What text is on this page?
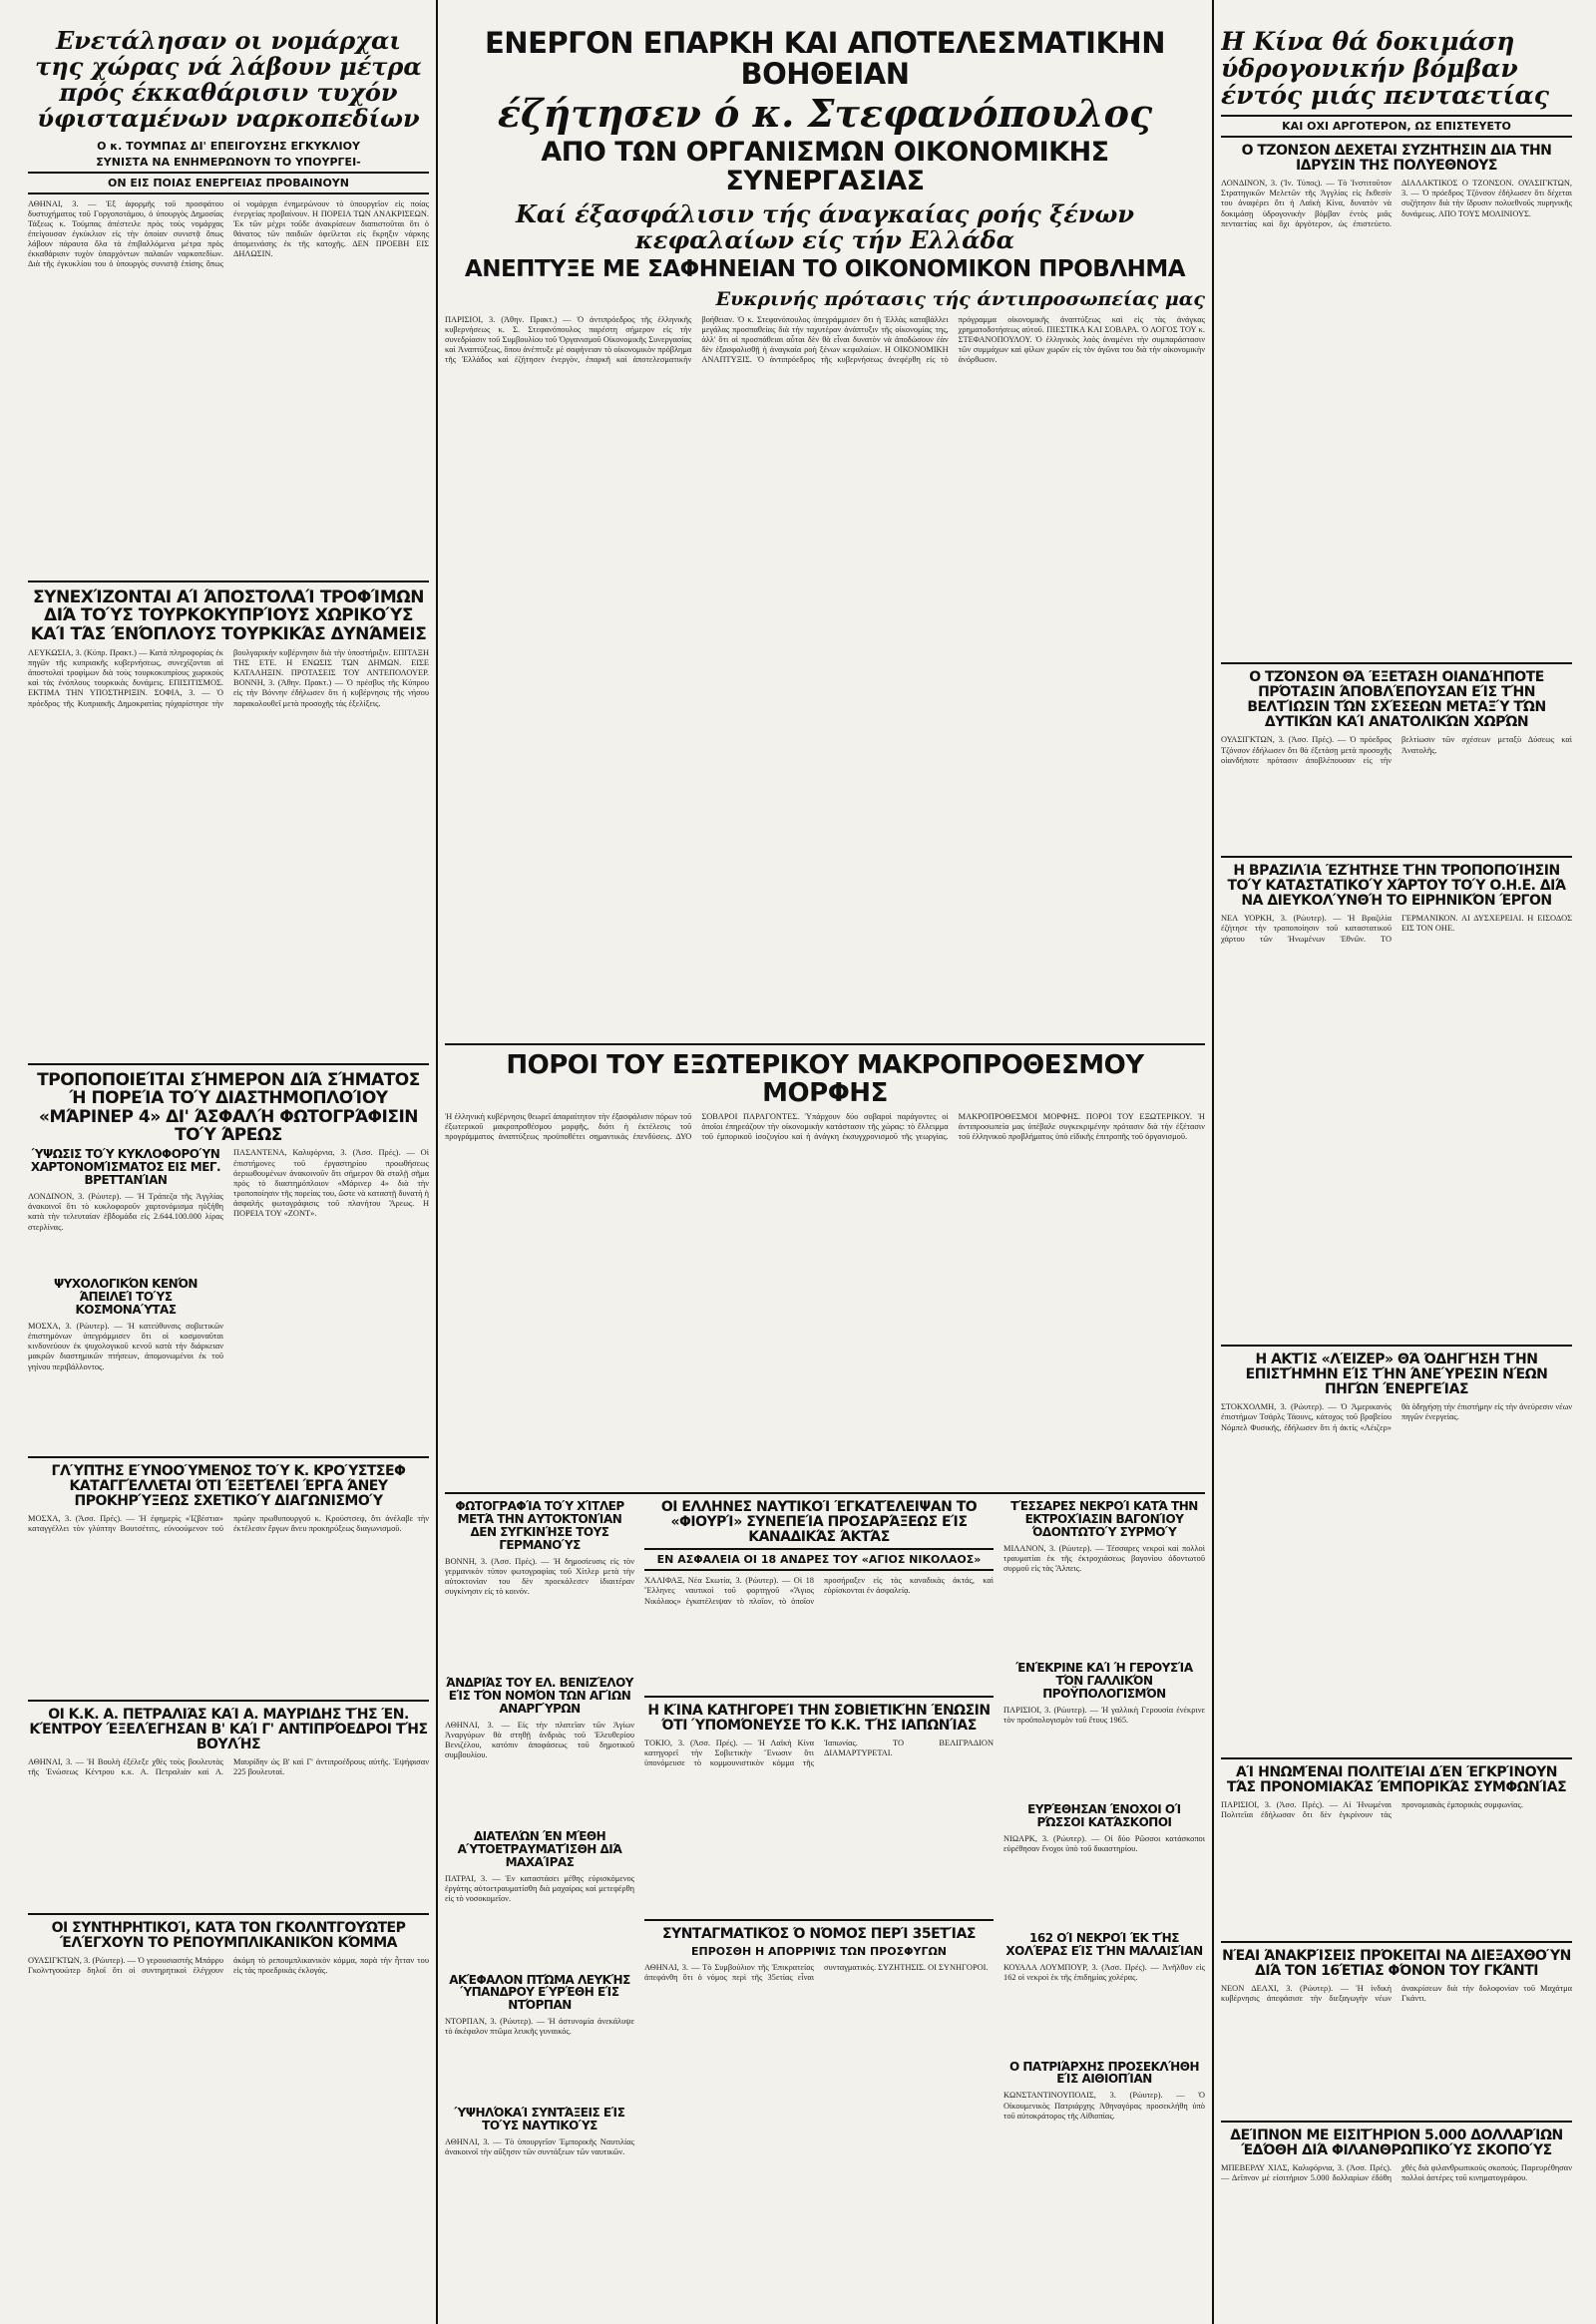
Ενετάλησαν οι νομάρχαι της χώρας νά λάβουν μέτρα πρός έκκαθάρισιν τυχόν ύφισταμένων ναρκοπεδίων
Ο κ. ΤΟΥΜΠΑΣ ΔΙ' ΕΠΕΙΓΟΥΣΗΣ ΕΓΚΥΚΛΙΟΥ
ΣΥΝΙΣΤΑ ΝΑ ΕΝΗΜΕΡΩΝΟΥΝ ΤΟ ΥΠΟΥΡΓΕΙ-
ΟΝ ΕΙΣ ΠΟΙΑΣ ΕΝΕΡΓΕΙΑΣ ΠΡΟΒΑΙΝΟΥΝ
ΑΘΗΝΑΙ, 3. — Ἐξ ἀφορμῆς τοῦ προσφάτου δυστυχήματος τοῦ Γοργοποτάμου, ὁ ὑπουργὸς Δημοσίας Τάξεως κ. Τούμπας ἀπέστειλε πρὸς τοὺς νομάρχας ἐπείγουσαν ἐγκύκλιον εἰς τὴν ὁποίαν συνιστᾷ ὅπως λάβουν πάραυτα ὅλα τὰ ἐπιβαλλόμενα μέτρα πρὸς ἐκκαθάρισιν τυχὸν ὑπαρχόντων παλαιῶν ναρκοπεδίων. Διὰ τῆς ἐγκυκλίου του ὁ ὑπουργὸς συνιστᾷ ἐπίσης ὅπως οἱ νομάρχαι ἐνημερώνουν τὸ ὑπουργεῖον εἰς ποίας ἐνεργείας προβαίνουν. Η ΠΟΡΕΙΑ ΤΩΝ ΑΝΑΚΡΙΣΕΩΝ. Ἐκ τῶν μέχρι τοῦδε ἀνακρίσεων διαπιστοῦται ὅτι ὁ θάνατος τῶν παιδιῶν ὀφείλεται εἰς ἔκρηξιν νάρκης ἀπομεινάσης ἐκ τῆς κατοχῆς. ΔΕΝ ΠΡΟΕΒΗ ΕΙΣ ΔΗΛΩΣΙΝ.
ΣΥΝΕΧΊΖΟΝΤΑΙ ΑΊ ΆΠΟΣΤΟΛΑΊ ΤΡΟΦΊΜΩΝ ΔΙΆ ΤΟΎΣ ΤΟΥΡΚΟΚΥΠΡΊΟΥΣ ΧΩΡΙΚΟΎΣ ΚΑΊ ΤΆΣ ΈΝΌΠΛΟΥΣ ΤΟΥΡΚΙΚΆΣ ΔΥΝΆΜΕΙΣ
ΛΕΥΚΩΣΙΑ, 3. (Κύπρ. Πρακτ.) — Κατὰ πληροφορίας ἐκ πηγῶν τῆς κυπριακῆς κυβερνήσεως, συνεχίζονται αἱ ἀποστολαὶ τροφίμων διὰ τοὺς τουρκοκυπρίους χωρικοὺς καὶ τὰς ἐνόπλους τουρκικὰς δυνάμεις. ΕΠΙΣΙΤΙΣΜΟΣ. ΕΚΤΙΜΑ ΤΗΝ ΥΠΟΣΤΗΡΙΞΙΝ. ΣΟΦΙΑ, 3. — Ὁ πρόεδρος τῆς Κυπριακῆς Δημοκρατίας ηὐχαρίστησε τὴν βουλγαρικὴν κυβέρνησιν διὰ τὴν ὑποστήριξιν. ΕΠΙΤΑΞΗ ΤΗΣ ΕΤΕ. Η ΕΝΩΣΙΣ ΤΩΝ ΔΗΜΩΝ. ΕΙΣΕ ΚΑΤΑΛΗΞΙΝ. ΠΡΟΤΑΣΕΙΣ ΤΟΥ ΑΝΤΕΠΟΛΟΥΕΡ. ΒΟΝΝΗ, 3. (Ἀθην. Πρακτ.) — Ὁ πρέσβυς τῆς Κύπρου εἰς τὴν Βόννην ἐδήλωσεν ὅτι ἡ κυβέρνησις τῆς νήσου παρακολουθεῖ μετὰ προσοχῆς τὰς ἐξελίξεις.
ΤΡΟΠΟΠΟΙΕΊΤΑΙ ΣΉΜΕΡΟΝ ΔΙΆ ΣΉΜΑΤΟΣ Ή ΠΟΡΕΊΑ ΤΟΎ ΔΙΑΣΤΗΜΟΠΛΟΊΟΥ «ΜΆΡΙΝΕΡ 4» ΔΙ' ΆΣΦΑΛΉ ΦΩΤΟΓΡΆΦΙΣΙΝ ΤΟΎ ΆΡΕΩΣ
ΎΨΩΣΙΣ ΤΟΎ ΚΥΚΛΟΦΟΡΟΎΝ ΧΑΡΤΟΝΟΜΊΣΜΑΤΟΣ ΕΙΣ ΜΕΓ. ΒΡΕΤΤΑΝΊΑΝ
ΛΟΝΔΙΝΟΝ, 3. (Ρώυτερ). — Ἡ Τράπεζα τῆς Ἀγγλίας ἀνακοινοῖ ὅτι τὸ κυκλοφοροῦν χαρτονόμισμα ηὐξήθη κατὰ τὴν τελευταίαν ἑβδομάδα εἰς 2.644.100.000 λίρας στερλίνας.
ΨΥΧΟΛΟΓΙΚΌΝ ΚΕΝΌΝ ΆΠΕΙΛΕΊ ΤΟΎΣ ΚΟΣΜΟΝΑΎΤΑΣ
ΜΟΣΧΑ, 3. (Ρώυτερ). — Ἡ κατεύθυνσις σοβιετικῶν ἐπιστημόνων ὑπεγράμμισεν ὅτι οἱ κοσμοναῦται κινδυνεύουν ἐκ ψυχολογικοῦ κενοῦ κατὰ τὴν διάρκειαν μακρῶν διαστημικῶν πτήσεων, ἀπομονωμένοι ἐκ τοῦ γηίνου περιβάλλοντος.
ΠΑΣΑΝΤΕΝΑ, Καλιφόρνια, 3. (Ἀσσ. Πρές). — Οἱ ἐπιστήμονες τοῦ ἐργαστηρίου προωθήσεως ἀεριωθουμένων ἀνακοινοῦν ὅτι σήμερον θὰ σταλῇ σῆμα πρὸς τὸ διαστημόπλοιον «Μάρινερ 4» διὰ τὴν τροποποίησιν τῆς πορείας του, ὥστε νὰ καταστῇ δυνατὴ ἡ ἀσφαλὴς φωτογράφισις τοῦ πλανήτου Ἄρεως. Η ΠΟΡΕΙΑ ΤΟΥ «ΖΟΝΤ».
ΓΛΎΠΤΗΣ ΕΎΝΟΟΎΜΕΝΟΣ ΤΟΎ Κ. ΚΡΟΎΣΤΣΕΦ ΚΑΤΑΓΓΈΛΛΕΤΑΙ ΌΤΙ ΈΞΕΤΈΛΕΙ ΈΡΓΑ ΆΝΕΥ ΠΡΟΚΗΡΎΞΕΩΣ ΣΧΕΤΙΚΟΎ ΔΙΑΓΩΝΙΣΜΟΎ
ΜΟΣΧΑ, 3. (Ἀσσ. Πρές). — Ἡ ἐφημερὶς «Ἰζβέστια» καταγγέλλει τὸν γλύπτην Βουτσέτιτς, εὐνοούμενον τοῦ πρώην πρωθυπουργοῦ κ. Κρούστσεφ, ὅτι ἀνέλαβε τὴν ἐκτέλεσιν ἔργων ἄνευ προκηρύξεως διαγωνισμοῦ.
ΟΙ Κ.Κ. Α. ΠΕΤΡΑΛΙΆΣ ΚΑΊ Α. ΜΑΥΡΙΔΗΣ ΤΉΣ ΈΝ. ΚΈΝΤΡΟΥ ΈΞΕΛΈΓΗΣΑΝ Β' ΚΑΊ Γ' ΑΝΤΙΠΡΌΕΔΡΟΙ ΤΉΣ ΒΟΥΛΉΣ
ΑΘΗΝΑΙ, 3. — Ἡ Βουλὴ ἐξέλεξε χθὲς τοὺς βουλευτὰς τῆς Ἑνώσεως Κέντρου κ.κ. Α. Πετραλιὰν καὶ Α. Μαυρίδην ὡς Β' καὶ Γ' ἀντιπροέδρους αὐτῆς. Ἐψήφισαν 225 βουλευταί.
ΟΙ ΣΥΝΤΗΡΗΤΙΚΟΊ, ΚΑΤΆ ΤΟΝ ΓΚΟΛΝΤΓΟΥΏΤΕΡ ΈΛΈΓΧΟΥΝ ΤΟ ΡΕΠΟΥΜΠΛΙΚΑΝΙΚΌΝ ΚΌΜΜΑ
ΟΥΑΣΙΓΚΤΩΝ, 3. (Ρώυτερ). — Ὁ γερουσιαστὴς Μπάρρυ Γκολντγουώτερ δηλοῖ ὅτι οἱ συντηρητικοὶ ἐλέγχουν ἀκόμη τὸ ρεπουμπλικανικὸν κόμμα, παρὰ τὴν ἧτταν του εἰς τὰς προεδρικὰς ἐκλογάς.
ΕΝΕΡΓΟΝ ΕΠΑΡΚΗ ΚΑΙ ΑΠΟΤΕΛΕΣΜΑΤΙΚΗΝ ΒΟΗΘΕΙΑΝ
έζήτησεν ό κ. Στεφανόπουλος
ΑΠΟ ΤΩΝ ΟΡΓΑΝΙΣΜΩΝ ΟΙΚΟΝΟΜΙΚΗΣ ΣΥΝΕΡΓΑΣΙΑΣ
Καί έξασφάλισιν τής άναγκαίας ροής ξένων κεφαλαίων είς τήν Ελλάδα
ΑΝΕΠΤΥΞΕ ΜΕ ΣΑΦΗΝΕΙΑΝ ΤΟ ΟΙΚΟΝΟΜΙΚΟΝ ΠΡΟΒΛΗΜΑ
Ευκρινής πρότασις τής άντιπροσωπείας μας
ΠΑΡΙΣΙΟΙ, 3. (Ἀθην. Πρακτ.) — Ὁ ἀντιπρόεδρος τῆς ἑλληνικῆς κυβερνήσεως κ. Σ. Στεφανόπουλος παρέστη σήμερον εἰς τὴν συνεδρίασιν τοῦ Συμβουλίου τοῦ Ὀργανισμοῦ Οἰκονομικῆς Συνεργασίας καὶ Ἀναπτύξεως, ὅπου ἀνέπτυξε μὲ σαφήνειαν τὸ οἰκονομικὸν πρόβλημα τῆς Ἑλλάδος καὶ ἐζήτησεν ἐνεργὸν, ἐπαρκῆ καὶ ἀποτελεσματικὴν βοήθειαν. Ὁ κ. Στεφανόπουλος ὑπεγράμμισεν ὅτι ἡ Ἑλλὰς καταβάλλει μεγάλας προσπαθείας διὰ τὴν ταχυτέραν ἀνάπτυξιν τῆς οἰκονομίας της, ἀλλ' ὅτι αἱ προσπάθειαι αὗται δὲν θὰ εἶναι δυνατὸν νὰ ἀποδώσουν ἐὰν δὲν ἐξασφαλισθῇ ἡ ἀναγκαία ροὴ ξένων κεφαλαίων. Η ΟΙΚΟΝΟΜΙΚΗ ΑΝΑΠΤΥΞΙΣ. Ὁ ἀντιπρόεδρος τῆς κυβερνήσεως ἀνεφέρθη εἰς τὸ πρόγραμμα οἰκονομικῆς ἀναπτύξεως καὶ εἰς τὰς ἀνάγκας χρηματοδοτήσεως αὐτοῦ. ΠΙΕΣΤΙΚΑ ΚΑΙ ΣΟΒΑΡΑ. Ὁ ΛΟΓΟΣ ΤΟΥ κ. ΣΤΕΦΑΝΟΠΟΥΛΟΥ. Ὁ ἑλληνικὸς λαὸς ἀναμένει τὴν συμπαράστασιν τῶν συμμάχων καὶ φίλων χωρῶν εἰς τὸν ἀγῶνα του διὰ τὴν οἰκονομικὴν ἀνόρθωσιν.
ΠΟΡΟΙ ΤΟΥ ΕΞΩΤΕΡΙΚΟΥ ΜΑΚΡΟΠΡΟΘΕΣΜΟΥ ΜΟΡΦΗΣ
Ἡ ἑλληνικὴ κυβέρνησις θεωρεῖ ἀπαραίτητον τὴν ἐξασφάλισιν πόρων τοῦ ἐξωτερικοῦ μακροπροθέσμου μορφῆς, διότι ἡ ἐκτέλεσις τοῦ προγράμματος ἀναπτύξεως προϋποθέτει σημαντικὰς ἐπενδύσεις. ΔΥΟ ΣΟΒΑΡΟΙ ΠΑΡΑΓΟΝΤΕΣ. Ὑπάρχουν δύο σοβαροὶ παράγοντες οἱ ὁποῖοι ἐπηρεάζουν τὴν οἰκονομικὴν κατάστασιν τῆς χώρας: τὸ ἔλλειμμα τοῦ ἐμπορικοῦ ἰσοζυγίου καὶ ἡ ἀνάγκη ἐκσυγχρονισμοῦ τῆς γεωργίας. ΜΑΚΡΟΠΡΟΘΕΣΜΟΙ ΜΟΡΦΗΣ. ΠΟΡΟΙ ΤΟΥ ΕΞΩΤΕΡΙΚΟΥ. Ἡ ἀντιπροσωπεία μας ὑπέβαλε συγκεκριμένην πρότασιν διὰ τὴν ἐξέτασιν τοῦ ἑλληνικοῦ προβλήματος ὑπὸ εἰδικῆς ἐπιτροπῆς τοῦ ὀργανισμοῦ.
ΦΩΤΟΓΡΑΦΊΑ ΤΟΎ ΧΊΤΛΕΡ ΜΕΤΆ ΤΗΝ ΑΥΤΟΚΤΟΝΊΑΝ ΔΕΝ ΣΥΓΚΙΝΉΣΕ ΤΟΥΣ ΓΕΡΜΑΝΟΎΣ
ΒΟΝΝΗ, 3. (Ἀσσ. Πρές). — Ἡ δημοσίευσις εἰς τὸν γερμανικὸν τύπον φωτογραφίας τοῦ Χίτλερ μετὰ τὴν αὐτοκτονίαν του δὲν προεκάλεσεν ἰδιαιτέραν συγκίνησιν εἰς τὸ κοινόν.
ΆΝΔΡΙΆΣ ΤΟΥ ΕΛ. ΒΕΝΙΖΈΛΟΥ ΕΊΣ ΤΌΝ ΝΟΜΌΝ ΤΩΝ ΑΓΊΩΝ ΑΝΑΡΓΎΡΩΝ
ΑΘΗΝΑΙ, 3. — Εἰς τὴν πλατεῖαν τῶν Ἁγίων Ἀναργύρων θὰ στηθῇ ἀνδριὰς τοῦ Ἐλευθερίου Βενιζέλου, κατόπιν ἀποφάσεως τοῦ δημοτικοῦ συμβουλίου.
ΔΙΑΤΕΛΏΝ ΈΝ ΜΈΘΗ ΑΎΤΟΕΤΡΑΥΜΑΤΊΣΘΗ ΔΙΆ ΜΑΧΑΊΡΑΣ
ΠΑΤΡΑΙ, 3. — Ἐν καταστάσει μέθης εὑρισκόμενος ἐργάτης αὐτοετραυματίσθη διὰ μαχαίρας καὶ μετεφέρθη εἰς τὸ νοσοκομεῖον.
ΑΚΈΦΑΛΟΝ ΠΤΏΜΑ ΛΕΥΚΉΣ ΎΠΑΝΔΡΟΥ ΕΎΡΈΘΗ ΕΊΣ ΝΤΌΡΠΑΝ
ΝΤΟΡΠΑΝ, 3. (Ρώυτερ). — Ἡ ἀστυνομία ἀνεκάλυψε τὸ ἀκέφαλον πτῶμα λευκῆς γυναικός.
ΎΨΗΛΌΚΑΊ ΣΥΝΤΆΞΕΙΣ ΕΊΣ ΤΟΎΣ ΝΑΥΤΙΚΟΎΣ
ΑΘΗΝΑΙ, 3. — Τὸ ὑπουργεῖον Ἐμπορικῆς Ναυτιλίας ἀνακοινοῖ τὴν αὔξησιν τῶν συντάξεων τῶν ναυτικῶν.
ΟΙ ΕΛΛΗΝΕΣ ΝΑΥΤΙΚΟΊ ΈΓΚΑΤΈΛΕΙΨΑΝ ΤΟ «ΦΙΟΥΡΊ» ΣΥΝΕΠΕΊΑ ΠΡΟΣΑΡΆΞΕΩΣ ΕΊΣ ΚΑΝΑΔΙΚΆΣ ΆΚΤΆΣ
ΕΝ ΑΣΦΑΛΕΙΑ ΟΙ 18 ΑΝΔΡΕΣ ΤΟΥ «ΑΓΙΟΣ ΝΙΚΟΛΑΟΣ»
ΧΑΛΙΦΑΞ, Νέα Σκωτία, 3. (Ρώυτερ). — Οἱ 18 Ἕλληνες ναυτικοὶ τοῦ φορτηγοῦ «Ἅγιος Νικόλαος» ἐγκατέλειψαν τὸ πλοῖον, τὸ ὁποῖον προσήραξεν εἰς τὰς καναδικὰς ἀκτάς, καὶ εὑρίσκονται ἐν ἀσφαλείᾳ.
Η ΚΊΝΑ ΚΑΤΗΓΟΡΕΊ ΤΗΝ ΣΟΒΙΕΤΙΚΉΝ ΈΝΩΣΙΝ ΌΤΙ ΎΠΟΜΌΝΕΥΣΕ ΤΌ Κ.Κ. ΤΉΣ ΙΑΠΩΝΊΑΣ
ΤΟΚΙΟ, 3. (Ἀσσ. Πρές). — Ἡ Λαϊκὴ Κίνα κατηγορεῖ τὴν Σοβιετικὴν Ἕνωσιν ὅτι ὑπονόμευσε τὸ κομμουνιστικὸν κόμμα τῆς Ἰαπωνίας. ΤΟ ΒΕΛΙΓΡΑΔΙΟΝ ΔΙΑΜΑΡΤΥΡΕΤΑΙ.
ΣΥΝΤΑΓΜΑΤΙΚΌΣ Ό ΝΌΜΟΣ ΠΕΡΊ 35ΕΤΊΑΣ
ΕΠΡΟΣΘΗ Η ΑΠΟΡΡΙΨΙΣ ΤΩΝ ΠΡΟΣΦΥΓΩΝ
ΑΘΗΝΑΙ, 3. — Τὸ Συμβούλιον τῆς Ἐπικρατείας ἀπεφάνθη ὅτι ὁ νόμος περὶ τῆς 35ετίας εἶναι συνταγματικός. ΣΥΖΗΤΗΣΙΣ. ΟΙ ΣΥΝΗΓΟΡΟΙ.
ΤΈΣΣΑΡΕΣ ΝΕΚΡΟΊ ΚΑΤΆ ΤΗΝ ΕΚΤΡΟΧΊΑΣΙΝ ΒΑΓΟΝΊΟΥ ΌΔΟΝΤΩΤΟΎ ΣΥΡΜΟΎ
ΜΙΛΑΝΟΝ, 3. (Ρώυτερ). — Τέσσαρες νεκροὶ καὶ πολλοὶ τραυματίαι ἐκ τῆς ἐκτροχιάσεως βαγονίου ὀδοντωτοῦ συρμοῦ εἰς τὰς Ἄλπεις.
ΈΝΈΚΡΙΝΕ ΚΑΊ Ή ΓΕΡΟΥΣΊΑ ΤΌΝ ΓΑΛΛΙΚΌΝ ΠΡΟΫΠΟΛΟΓΙΣΜΌΝ
ΠΑΡΙΣΙΟΙ, 3. (Ρώυτερ). — Ἡ γαλλικὴ Γερουσία ἐνέκρινε τὸν προϋπολογισμὸν τοῦ ἔτους 1965.
ΕΥΡΈΘΗΣΑΝ ΈΝΟΧΟΙ ΟΊ ΡΏΣΣΟΙ ΚΑΤΆΣΚΟΠΟΙ
ΝΙΩΑΡΚ, 3. (Ρώυτερ). — Οἱ δύο Ρῶσσοι κατάσκοποι εὑρέθησαν ἔνοχοι ὑπὸ τοῦ δικαστηρίου.
162 ΟΊ ΝΕΚΡΟΊ ΈΚ ΤΉΣ ΧΟΛΈΡΑΣ ΕΊΣ ΤΉΝ ΜΑΛΑΙΣΊΑΝ
ΚΟΥΑΛΑ ΛΟΥΜΠΟΥΡ, 3. (Ἀσσ. Πρές). — Ἀνῆλθον εἰς 162 οἱ νεκροὶ ἐκ τῆς ἐπιδημίας χολέρας.
Ο ΠΑΤΡΙΆΡΧΗΣ ΠΡΟΣΕΚΛΉΘΗ ΕΊΣ ΑΙΘΙΟΠΊΑΝ
ΚΩΝΣΤΑΝΤΙΝΟΥΠΟΛΙΣ, 3. (Ρώυτερ). — Ὁ Οἰκουμενικὸς Πατριάρχης Ἀθηναγόρας προσεκλήθη ὑπὸ τοῦ αὐτοκράτορος τῆς Αἰθιοπίας.
Η Κίνα θά δοκιμάση ύδρογονικήν βόμβαν έντός μιάς πενταετίας
ΚΑΙ ΟΧΙ ΑΡΓΟΤΕΡΟΝ, ΩΣ ΕΠΙΣΤΕΥΕΤΟ
Ο ΤΖΟΝΣΟΝ ΔΕΧΕΤΑΙ ΣΥΖΗΤΗΣΙΝ ΔΙΑ ΤΗΝ ΙΔΡΥΣΙΝ ΤΗΣ ΠΟΛΥΕΘΝΟΥΣ
ΛΟΝΔΙΝΟΝ, 3. (Ἰν. Τύπος). — Τὸ Ἰνστιτοῦτον Στρατηγικῶν Μελετῶν τῆς Ἀγγλίας εἰς ἔκθεσίν του ἀναφέρει ὅτι ἡ Λαϊκὴ Κίνα, δυνατὸν νὰ δοκιμάσῃ ὑδρογονικὴν βόμβαν ἐντὸς μιᾶς πενταετίας καὶ ὄχι ἀργότερον, ὡς ἐπιστεύετο. ΔΙΑΛΑΚΤΙΚΟΣ Ο ΤΖΟΝΣΟΝ. ΟΥΑΣΙΓΚΤΩΝ, 3. — Ὁ πρόεδρος Τζόνσον ἐδήλωσεν ὅτι δέχεται συζήτησιν διὰ τὴν ἵδρυσιν πολυεθνοῦς πυρηνικῆς δυνάμεως. ΑΠΟ ΤΟΥΣ ΜΟΛΙΝΙΟΥΣ.
Ο ΤΖΌΝΣΟΝ ΘΆ ΈΞΕΤΆΣΗ ΟΙΑΝΔΉΠΟΤΕ ΠΡΌΤΑΣΙΝ ΆΠΟΒΛΈΠΟΥΣΑΝ ΕΊΣ ΤΉΝ ΒΕΛΤΊΩΣΙΝ ΤΏΝ ΣΧΈΣΕΩΝ ΜΕΤΑΞΎ ΤΏΝ ΔΥΤΙΚΏΝ ΚΑΊ ΑΝΑΤΟΛΙΚΏΝ ΧΩΡΏΝ
ΟΥΑΣΙΓΚΤΩΝ, 3. (Ἀσσ. Πρές). — Ὁ πρόεδρος Τζόνσον ἐδήλωσεν ὅτι θὰ ἐξετάσῃ μετὰ προσοχῆς οἱανδήποτε πρότασιν ἀποβλέπουσαν εἰς τὴν βελτίωσιν τῶν σχέσεων μεταξὺ Δύσεως καὶ Ἀνατολῆς.
Η ΒΡΑΖΙΛΊΑ ΈΖΉΤΗΣΕ ΤΉΝ ΤΡΟΠΟΠΟΊΗΣΙΝ ΤΟΎ ΚΑΤΑΣΤΑΤΙΚΟΎ ΧΆΡΤΟΥ ΤΟΎ Ο.Η.Ε. ΔΙΆ ΝΑ ΔΙΕΥΚΟΛΎΝΘΉ ΤΟ ΕΙΡΗΝΙΚΌΝ ΈΡΓΟΝ
ΝΕΑ ΥΟΡΚΗ, 3. (Ρώυτερ). — Ἡ Βραζιλία ἐζήτησε τὴν τροποποίησιν τοῦ καταστατικοῦ χάρτου τῶν Ἡνωμένων Ἐθνῶν. ΤΟ ΓΕΡΜΑΝΙΚΟΝ. ΑΙ ΔΥΣΧΕΡΕΙΑΙ. Η ΕΙΣΟΔΟΣ ΕΙΣ ΤΟΝ ΟΗΕ.
Η ΑΚΤΊΣ «ΛΈΙΖΕΡ» ΘΆ ΌΔΗΓΉΣΗ ΤΉΝ ΕΠΙΣΤΉΜΗΝ ΕΊΣ ΤΉΝ ΆΝΕΎΡΕΣΙΝ ΝΈΩΝ ΠΗΓΏΝ ΈΝΕΡΓΕΊΑΣ
ΣΤΟΚΧΟΛΜΗ, 3. (Ρώυτερ). — Ὁ Ἀμερικανὸς ἐπιστήμων Τσάρλς Τάουνς, κάτοχος τοῦ βραβείου Νόμπελ Φυσικῆς, ἐδήλωσεν ὅτι ἡ ἀκτὶς «Λέιζερ» θὰ ὁδηγήσῃ τὴν ἐπιστήμην εἰς τὴν ἀνεύρεσιν νέων πηγῶν ἐνεργείας.
ΑΊ ΗΝΩΜΈΝΑΙ ΠΟΛΙΤΕΊΑΙ ΔΈΝ ΈΓΚΡΊΝΟΥΝ ΤΆΣ ΠΡΟΝΟΜΙΑΚΆΣ ΈΜΠΟΡΙΚΆΣ ΣΥΜΦΩΝΊΑΣ
ΠΑΡΙΣΙΟΙ, 3. (Ἀσσ. Πρές). — Αἱ Ἡνωμέναι Πολιτεῖαι ἐδήλωσαν ὅτι δὲν ἐγκρίνουν τὰς προνομιακὰς ἐμπορικὰς συμφωνίας.
ΝΈΑΙ ΆΝΑΚΡΊΣΕΙΣ ΠΡΌΚΕΙΤΑΙ ΝΑ ΔΙΕΞΑΧΘΟΎΝ ΔΙΆ ΤΟΝ 16ΈΤΙΑΣ ΦΌΝΟΝ ΤΟΥ ΓΚΆΝΤΙ
ΝΕΟΝ ΔΕΛΧΙ, 3. (Ρώυτερ). — Ἡ ἰνδικὴ κυβέρνησις ἀπεφάσισε τὴν διεξαγωγὴν νέων ἀνακρίσεων διὰ τὴν δολοφονίαν τοῦ Μαχάτμα Γκάντι.
ΔΕΊΠΝΟΝ ΜΕ ΕΙΣΙΤΉΡΙΟΝ 5.000 ΔΟΛΛΑΡΊΩΝ ΈΔΌΘΗ ΔΙΆ ΦΙΛΑΝΘΡΩΠΙΚΟΎΣ ΣΚΟΠΟΎΣ
ΜΠΕΒΕΡΛΥ ΧΙΛΣ, Καλιφόρνια, 3. (Ἀσσ. Πρές). — Δεῖπνον μὲ εἰσιτήριον 5.000 δολλαρίων ἐδόθη χθὲς διὰ φιλανθρωπικοὺς σκοπούς. Παρευρέθησαν πολλοὶ ἀστέρες τοῦ κινηματογράφου.
